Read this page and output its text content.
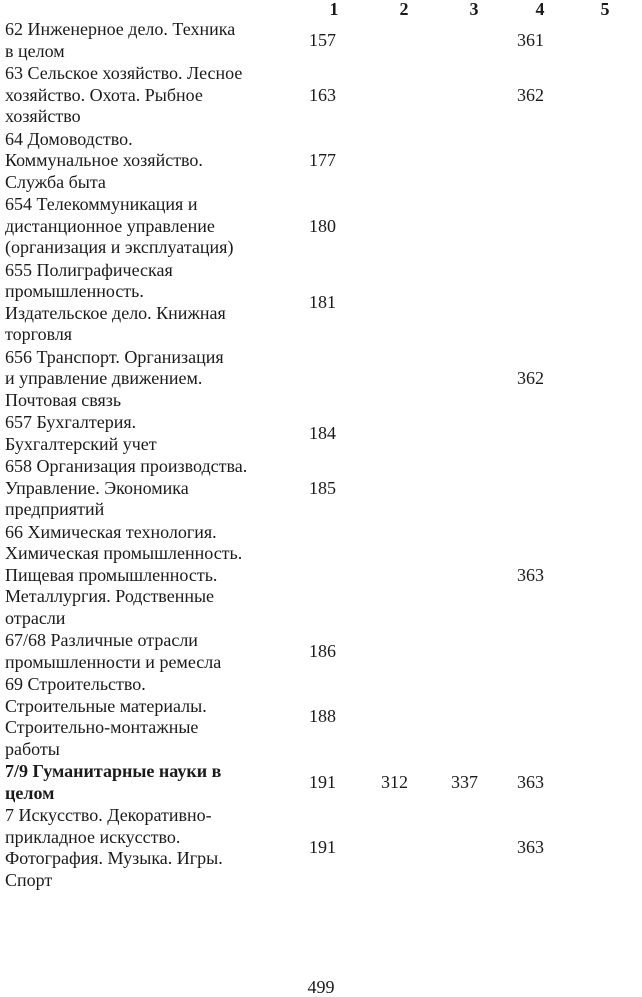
	1	2	3	4	5
62 Инженерное дело. Техника
в целом	157			361	
63 Сельское хозяйство. Лесное
хозяйство. Охота. Рыбное
хозяйство	163			362	
64 Домоводство.
Коммунальное хозяйство.
Служба быта	177				
654 Телекоммуникация и
дистанционное управление
(организация и эксплуатация)	180				
655 Полиграфическая
промышленность.
Издательское дело. Книжная
торговля	181				
656 Транспорт. Организация
и управление движением.
Почтовая связь				362	
657 Бухгалтерия.
Бухгалтерский учет	184				
658 Организация производства.
Управление. Экономика
предприятий	185				
66 Химическая технология.
Химическая промышленность.
Пищевая промышленность.
Металлургия. Родственные
отрасли				363	
67/68 Различные отрасли
промышленности и ремесла	186				
69 Строительство.
Строительные материалы.
Строительно-монтажные
работы	188				
7/9 Гуманитарные науки в
целом	191	312	337	363	
7 Искусство. Декоративно-
прикладное искусство.
Фотография. Музыка. Игры.
Спорт	191			363	
499
